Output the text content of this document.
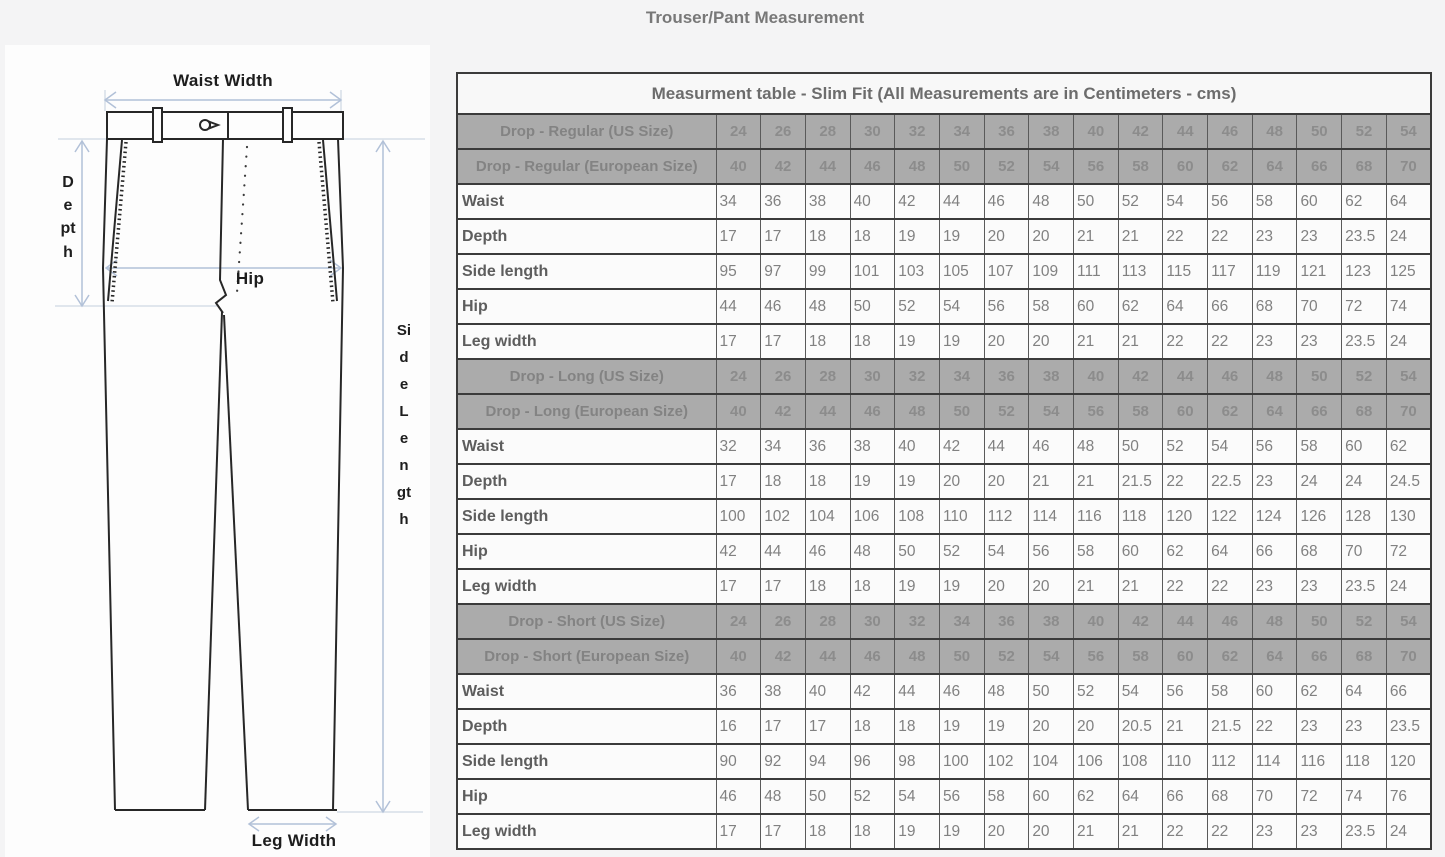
Trouser/Pant Measurement
Waist Width
Depth
Hip
Side Length
Leg Width
Measurment table - Slim Fit (All Measurements are in Centimeters - cms)																
Drop - Regular (US Size)	24	26	28	30	32	34	36	38	40	42	44	46	48	50	52	54
Drop - Regular (European Size)	40	42	44	46	48	50	52	54	56	58	60	62	64	66	68	70
Waist	34	36	38	40	42	44	46	48	50	52	54	56	58	60	62	64
Depth	17	17	18	18	19	19	20	20	21	21	22	22	23	23	23.5	24
Side length	95	97	99	101	103	105	107	109	111	113	115	117	119	121	123	125
Hip	44	46	48	50	52	54	56	58	60	62	64	66	68	70	72	74
Leg width	17	17	18	18	19	19	20	20	21	21	22	22	23	23	23.5	24
Drop - Long (US Size)	24	26	28	30	32	34	36	38	40	42	44	46	48	50	52	54
Drop - Long (European Size)	40	42	44	46	48	50	52	54	56	58	60	62	64	66	68	70
Waist	32	34	36	38	40	42	44	46	48	50	52	54	56	58	60	62
Depth	17	18	18	19	19	20	20	21	21	21.5	22	22.5	23	24	24	24.5
Side length	100	102	104	106	108	110	112	114	116	118	120	122	124	126	128	130
Hip	42	44	46	48	50	52	54	56	58	60	62	64	66	68	70	72
Leg width	17	17	18	18	19	19	20	20	21	21	22	22	23	23	23.5	24
Drop - Short (US Size)	24	26	28	30	32	34	36	38	40	42	44	46	48	50	52	54
Drop - Short (European Size)	40	42	44	46	48	50	52	54	56	58	60	62	64	66	68	70
Waist	36	38	40	42	44	46	48	50	52	54	56	58	60	62	64	66
Depth	16	17	17	18	18	19	19	20	20	20.5	21	21.5	22	23	23	23.5
Side length	90	92	94	96	98	100	102	104	106	108	110	112	114	116	118	120
Hip	46	48	50	52	54	56	58	60	62	64	66	68	70	72	74	76
Leg width	17	17	18	18	19	19	20	20	21	21	22	22	23	23	23.5	24
